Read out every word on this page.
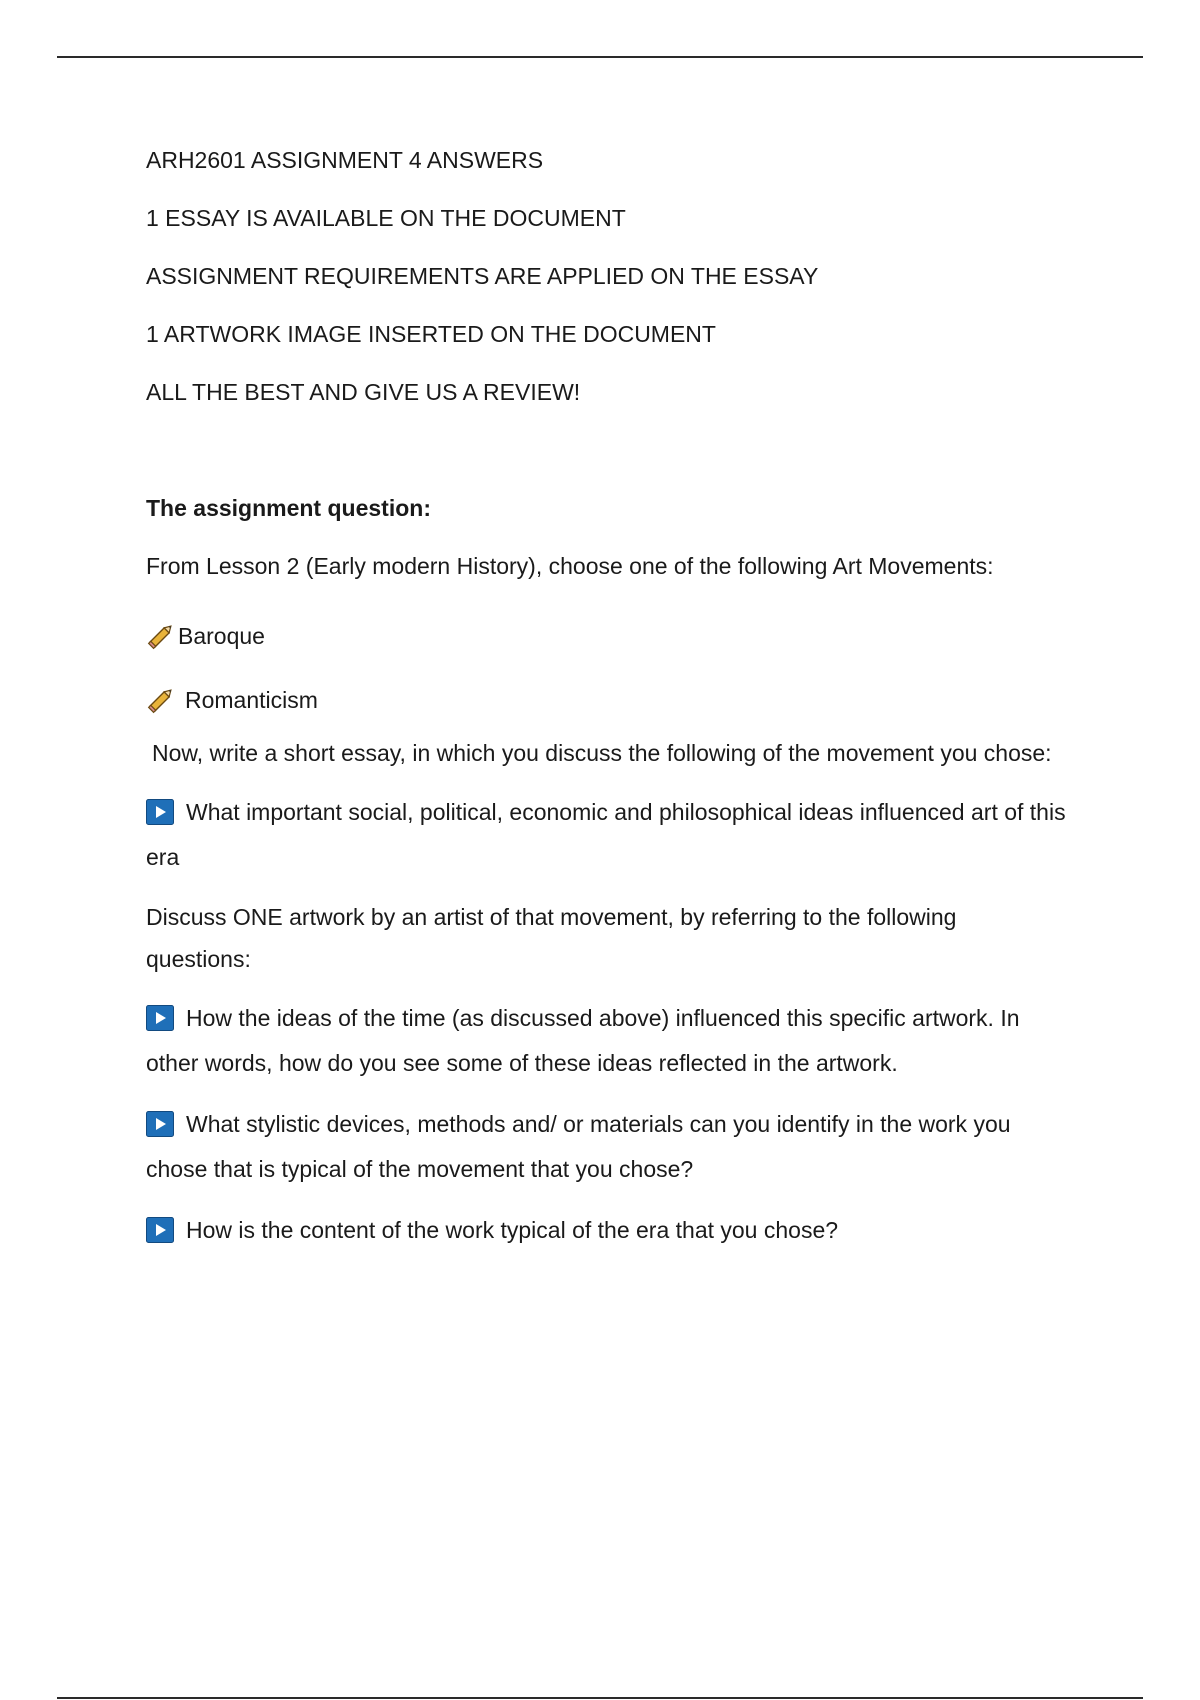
ARH2601 ASSIGNMENT 4 ANSWERS

1 ESSAY IS AVAILABLE ON THE DOCUMENT

ASSIGNMENT REQUIREMENTS ARE APPLIED ON THE ESSAY

1 ARTWORK IMAGE INSERTED ON THE DOCUMENT

ALL THE BEST AND GIVE US A REVIEW!

The assignment question:

From Lesson 2 (Early modern History), choose one of the following Art Movements:

Baroque
Romanticism

Now, write a short essay, in which you discuss the following of the movement you chose:

What important social, political, economic and philosophical ideas influenced art of this era

Discuss ONE artwork by an artist of that movement, by referring to the following questions:

How the ideas of the time (as discussed above) influenced this specific artwork. In other words, how do you see some of these ideas reflected in the artwork.

What stylistic devices, methods and/ or materials can you identify in the work you chose that is typical of the movement that you chose?

How is the content of the work typical of the era that you chose?
